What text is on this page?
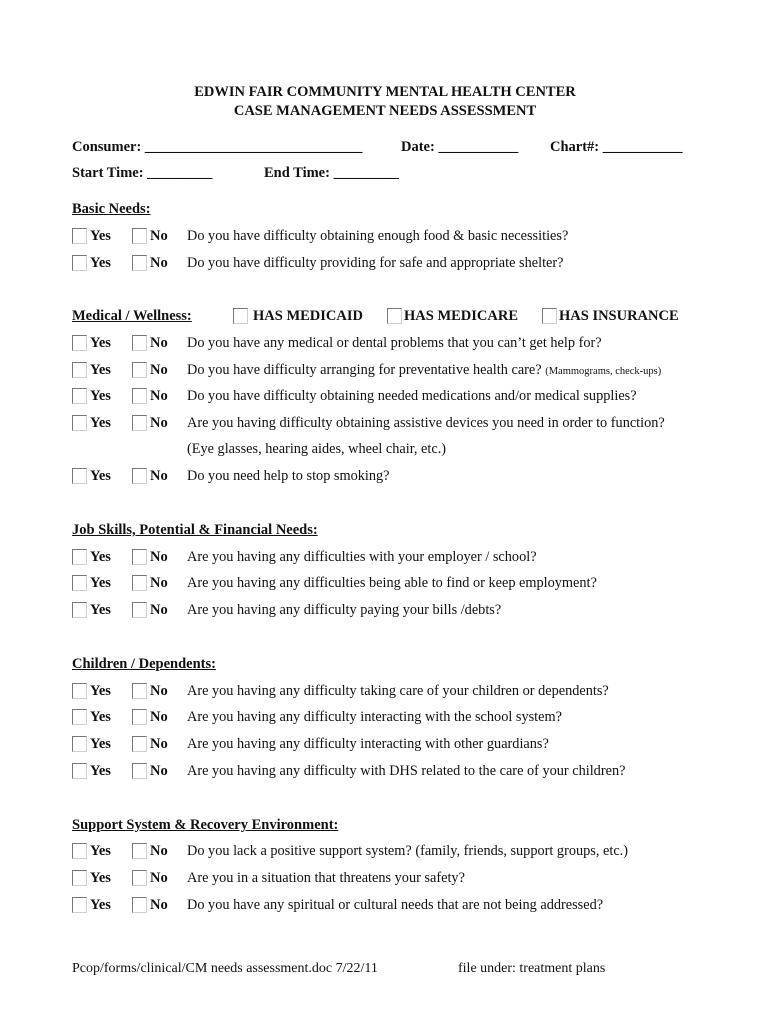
EDWIN FAIR COMMUNITY MENTAL HEALTH CENTER
CASE MANAGEMENT NEEDS ASSESSMENT
Consumer: ______________________________	Date: ___________ Chart#: ___________
Start Time: _________	End Time: _________
Basic Needs:
Yes	No Do you have difficulty obtaining enough food & basic necessities?
Yes	No Do you have difficulty providing for safe and appropriate shelter?
Medical / Wellness:	HAS MEDICAID	HAS MEDICARE	HAS INSURANCE
Yes	No Do you have any medical or dental problems that you can’t get help for?
Yes	No Do you have difficulty arranging for preventative health care? (Mammograms, check-ups)
Yes	No Do you have difficulty obtaining needed medications and/or medical supplies?
Yes	No Are you having difficulty obtaining assistive devices you need in order to function?
(Eye glasses, hearing aides, wheel chair, etc.)
Yes	No Do you need help to stop smoking?
Job Skills, Potential & Financial Needs:
Yes	No Are you having any difficulties with your employer / school?
Yes	No Are you having any difficulties being able to find or keep employment?
Yes	No Are you having any difficulty paying your bills /debts?
Children / Dependents:
Yes	No Are you having any difficulty taking care of your children or dependents?
Yes	No Are you having any difficulty interacting with the school system?
Yes	No Are you having any difficulty interacting with other guardians?
Yes	No Are you having any difficulty with DHS related to the care of your children?
Support System & Recovery Environment:
Yes	No Do you lack a positive support system? (family, friends, support groups, etc.)
Yes	No Are you in a situation that threatens your safety?
Yes	No Do you have any spiritual or cultural needs that are not being addressed?
Pcop/forms/clinical/CM needs assessment.doc 7/22/11	file under: treatment plans
